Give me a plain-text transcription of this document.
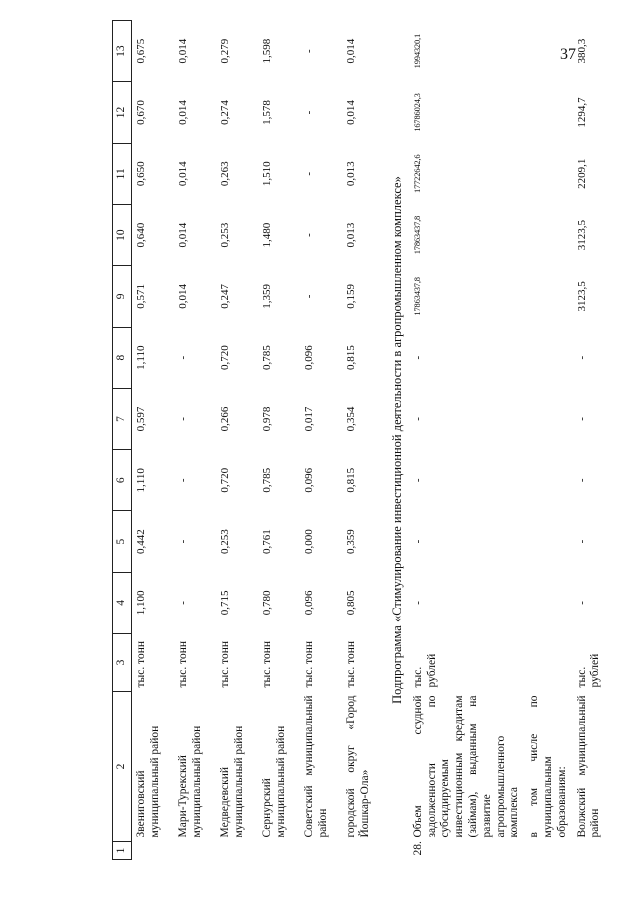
37
1	2	3	4	5	6	7	8	9	10	11	12	13
	Звениговский муниципальный район	тыс. тонн	1,100	0,442	1,110	0,597	1,110	0,571	0,640	0,650	0,670	0,675
	Мари-Турекский муниципальный район	тыс. тонн	-	-	-	-	-	0,014	0,014	0,014	0,014	0,014
	Медведевский муниципальный район	тыс. тонн	0,715	0,253	0,720	0,266	0,720	0,247	0,253	0,263	0,274	0,279
	Сернурский муниципальный район	тыс. тонн	0,780	0,761	0,785	0,978	0,785	1,359	1,480	1,510	1,578	1,598
	Советский муниципальный район	тыс. тонн	0,096	0,000	0,096	0,017	0,096	-	-	-	-	-
	городской округ «Город Йошкар-Ола»	тыс. тонн	0,805	0,359	0,815	0,354	0,815	0,159	0,013	0,013	0,014	0,014
Подпрограмма «Стимулирование инвестиционной деятельности в агропромышленном комплексе»												
28.	Объем ссудной задолженности по субсидируемым инвестиционным кредитам (займам), выданным на развитие агропромышленного комплекса	тыс. рублей	-	-	-	-	-	17863437,8	17863437,8	17722642,6	16786024,3	1994320,1
	в том числе по муниципальным образованиям:											
	Волжский муниципальный район	тыс. рублей	-	-	-	-	-	3123,5	3123,5	2209,1	1294,7	380,3
